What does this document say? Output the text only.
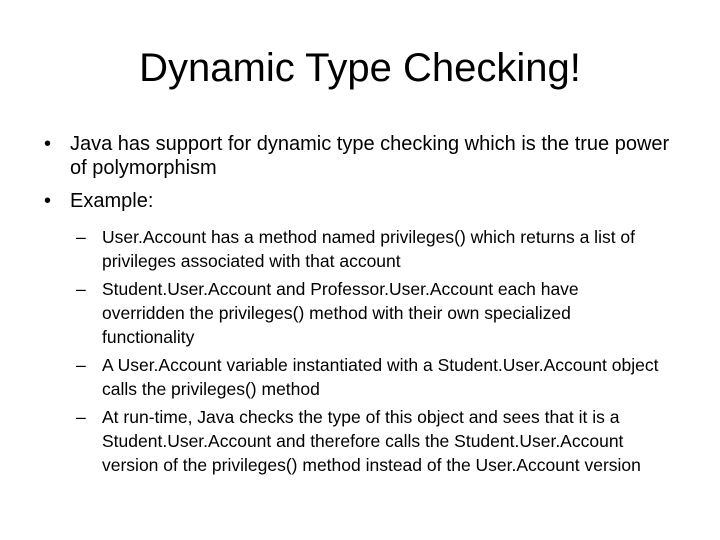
Dynamic Type Checking!
• Java has support for dynamic type checking which is the true power of polymorphism
• Example:
– User.Account has a method named privileges() which returns a list of privileges associated with that account
– Student.User.Account and Professor.User.Account each have overridden the privileges() method with their own specialized functionality
– A User.Account variable instantiated with a Student.User.Account object calls the privileges() method
– At run-time, Java checks the type of this object and sees that it is a Student.User.Account and therefore calls the Student.User.Account version of the privileges() method instead of the User.Account version
